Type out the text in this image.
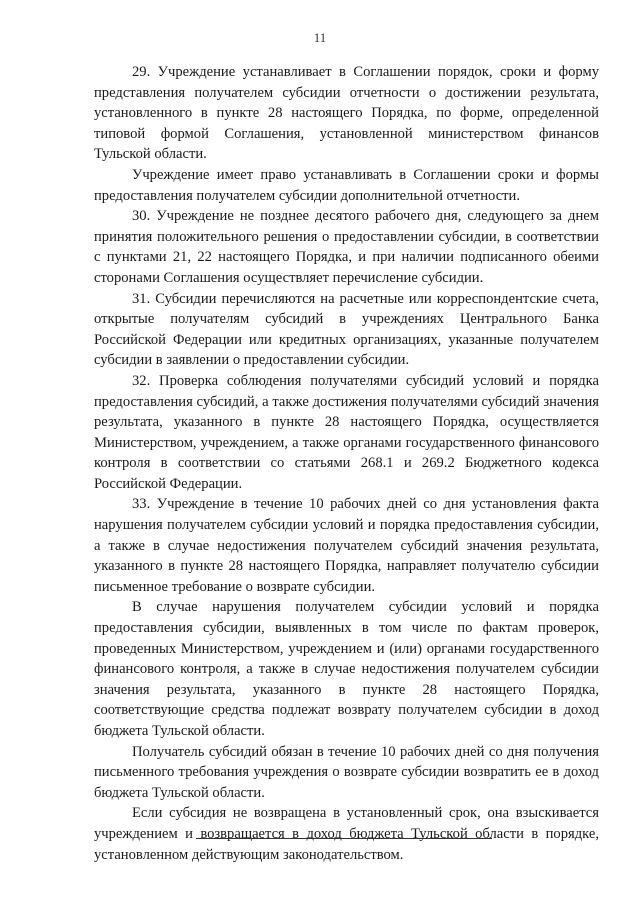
11

29. Учреждение устанавливает в Соглашении порядок, сроки и форму представления получателем субсидии отчетности о достижении результата, установленного в пункте 28 настоящего Порядка, по форме, определенной типовой формой Соглашения, установленной министерством финансов Тульской области.

Учреждение имеет право устанавливать в Соглашении сроки и формы предоставления получателем субсидии дополнительной отчетности.

30. Учреждение не позднее десятого рабочего дня, следующего за днем принятия положительного решения о предоставлении субсидии, в соответствии с пунктами 21, 22 настоящего Порядка, и при наличии подписанного обеими сторонами Соглашения осуществляет перечисление субсидии.

31. Субсидии перечисляются на расчетные или корреспондентские счета, открытые получателям субсидий в учреждениях Центрального Банка Российской Федерации или кредитных организациях, указанные получателем субсидии в заявлении о предоставлении субсидии.

32. Проверка соблюдения получателями субсидий условий и порядка предоставления субсидий, а также достижения получателями субсидий значения результата, указанного в пункте 28 настоящего Порядка, осуществляется Министерством, учреждением, а также органами государственного финансового контроля в соответствии со статьями 268.1 и 269.2 Бюджетного кодекса Российской Федерации.

33. Учреждение в течение 10 рабочих дней со дня установления факта нарушения получателем субсидии условий и порядка предоставления субсидии, а также в случае недостижения получателем субсидий значения результата, указанного в пункте 28 настоящего Порядка, направляет получателю субсидии письменное требование о возврате субсидии.

В случае нарушения получателем субсидии условий и порядка предоставления субсидии, выявленных в том числе по фактам проверок, проведенных Министерством, учреждением и (или) органами государственного финансового контроля, а также в случае недостижения получателем субсидии значения результата, указанного в пункте 28 настоящего Порядка, соответствующие средства подлежат возврату получателем субсидии в доход бюджета Тульской области.

Получатель субсидий обязан в течение 10 рабочих дней со дня получения письменного требования учреждения о возврате субсидии возвратить ее в доход бюджета Тульской области.

Если субсидия не возвращена в установленный срок, она взыскивается учреждением и возвращается в доход бюджета Тульской области в порядке, установленном действующим законодательством.
